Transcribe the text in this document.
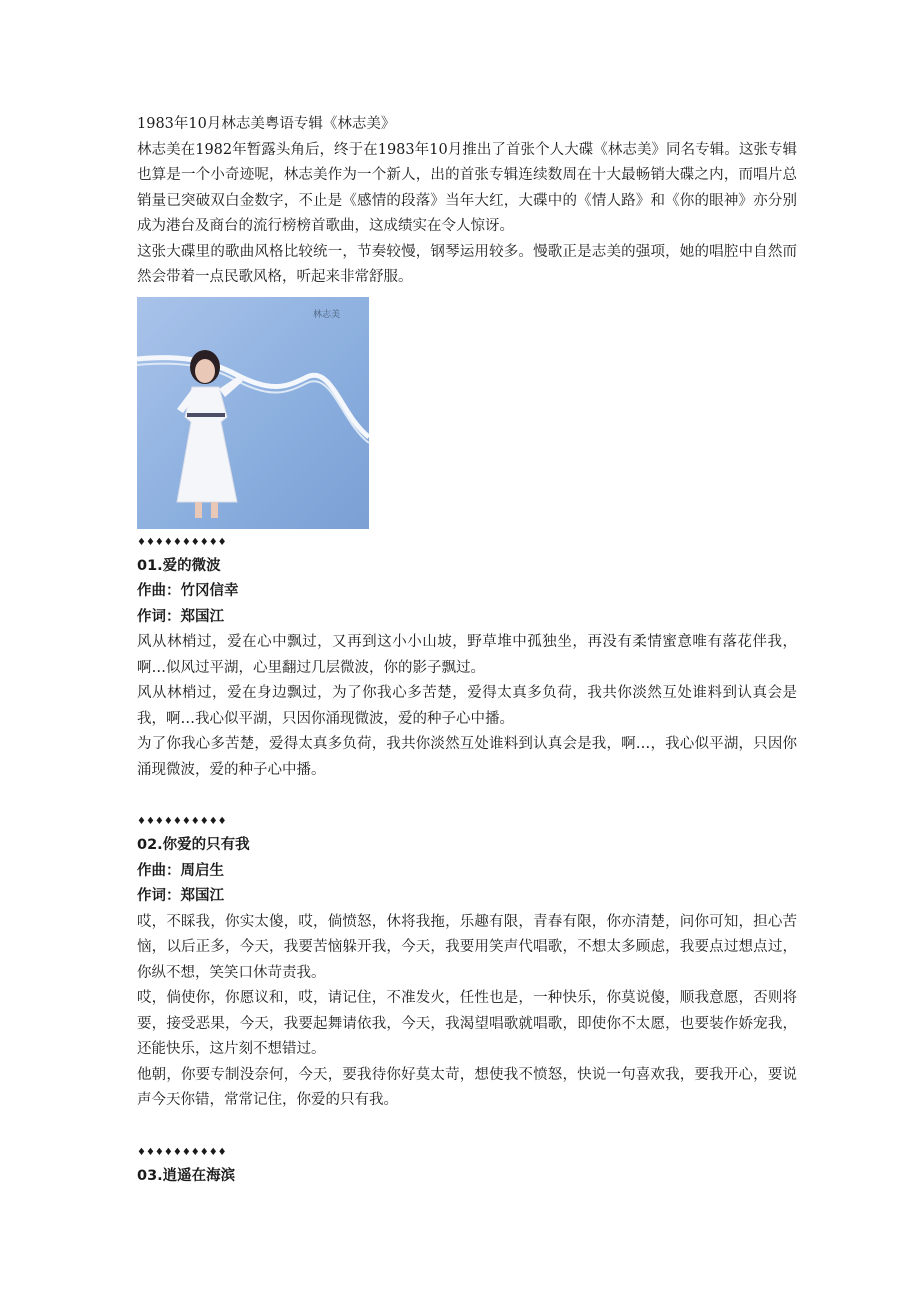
1983年10月林志美粤语专辑《林志美》

林志美在1982年暂露头角后，终于在1983年10月推出了首张个人大碟《林志美》同名专辑。这张专辑也算是一个小奇迹呢，林志美作为一个新人，出的首张专辑连续数周在十大最畅销大碟之内，而唱片总销量已突破双白金数字，不止是《感情的段落》当年大红，大碟中的《情人路》和《你的眼神》亦分别成为港台及商台的流行榜榜首歌曲，这成绩实在令人惊讶。

这张大碟里的歌曲风格比较统一，节奏较慢，钢琴运用较多。慢歌正是志美的强项，她的唱腔中自然而然会带着一点民歌风格，听起来非常舒服。

林志美
♦♦♦♦♦♦♦♦♦♦

01.爱的微波

作曲：竹冈信幸

作词：郑国江

风从林梢过，爱在心中飘过，又再到这小小山坡，野草堆中孤独坐，再没有柔情蜜意唯有落花伴我，啊…似风过平湖，心里翻过几层微波，你的影子飘过。

风从林梢过，爱在身边飘过，为了你我心多苦楚，爱得太真多负荷，我共你淡然互处谁料到认真会是我，啊…我心似平湖，只因你涌现微波，爱的种子心中播。

为了你我心多苦楚，爱得太真多负荷，我共你淡然互处谁料到认真会是我，啊…，我心似平湖，只因你涌现微波，爱的种子心中播。

♦♦♦♦♦♦♦♦♦♦

02.你爱的只有我

作曲：周启生

作词：郑国江

哎，不睬我，你实太傻，哎，倘愤怒，休将我拖，乐趣有限，青春有限，你亦清楚，问你可知，担心苦恼，以后正多，今天，我要苦恼躲开我，今天，我要用笑声代唱歌，不想太多顾虑，我要点过想点过，你纵不想，笑笑口休苛责我。

哎，倘使你，你愿议和，哎，请记住，不准发火，任性也是，一种快乐，你莫说傻，顺我意愿，否则将要，接受恶果，今天，我要起舞请依我，今天，我渴望唱歌就唱歌，即使你不太愿，也要装作娇宠我，还能快乐，这片刻不想错过。

他朝，你要专制没奈何，今天，要我待你好莫太苛，想使我不愤怒，快说一句喜欢我，要我开心，要说声今天你错，常常记住，你爱的只有我。

♦♦♦♦♦♦♦♦♦♦

03.逍遥在海滨
